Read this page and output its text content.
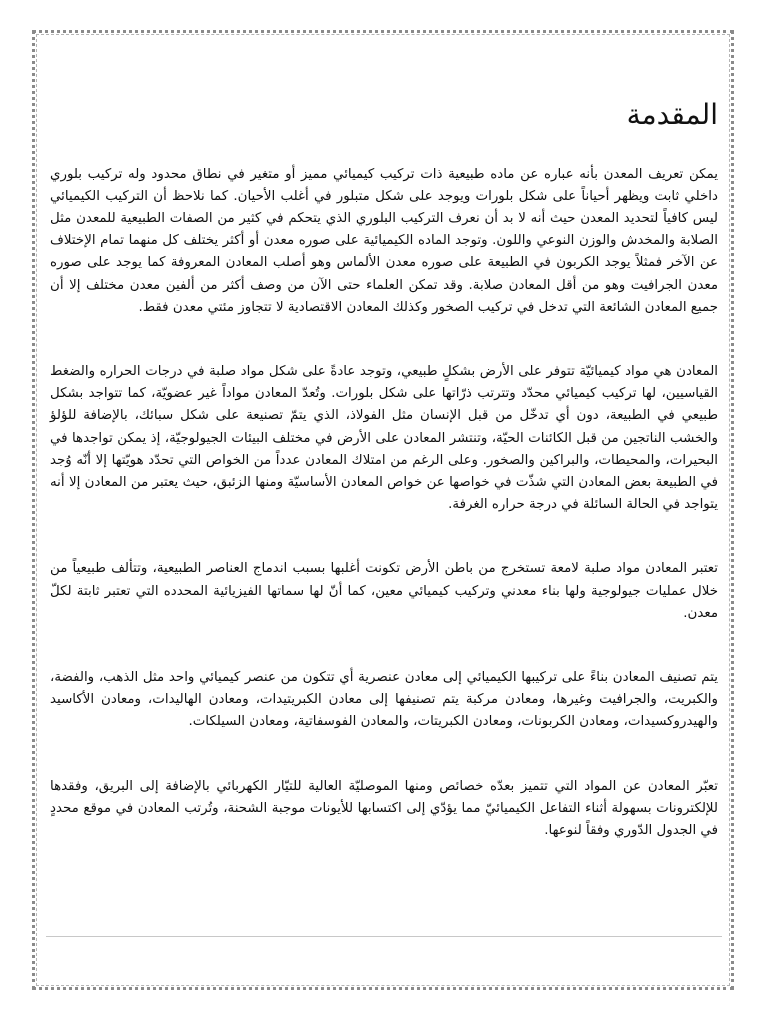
المقدمة

يمكن تعريف المعدن بأنه عباره عن ماده طبيعية ذات تركيب كيميائي مميز أو متغير في نطاق محدود وله تركيب بلوري داخلي ثابت ويظهر أحياناً على شكل بلورات ويوجد على شكل متبلور في أغلب الأحيان. كما نلاحظ أن التركيب الكيميائي ليس كافياً لتحديد المعدن حيث أنه لا بد أن نعرف التركيب البلوري الذي يتحكم في كثير من الصفات الطبيعية للمعدن مثل الصلابة والمخدش والوزن النوعي واللون. وتوجد الماده الكيميائية على صوره معدن أو أكثر يختلف كل منهما تمام الإختلاف عن الآخر فمثلاً يوجد الكربون في الطبيعة على صوره معدن الألماس وهو أصلب المعادن المعروفة كما يوجد على صوره معدن الجرافيت وهو من أقل المعادن صلابة. وقد تمكن العلماء حتى الآن من وصف أكثر من ألفين معدن مختلف إلا أن جميع المعادن الشائعة التي تدخل في تركيب الصخور وكذلك المعادن الاقتصادية لا تتجاوز مئتي معدن فقط.

المعادن هي مواد كيميائيّة تتوفر على الأرض بشكلٍ طبيعي، وتوجد عادةً على شكل مواد صلبة في درجات الحراره والضغط القياسيين، لها تركيب كيميائي محدّد وتترتب ذرّاتها على شكل بلورات. وتُعدّ المعادن مواداً غير عضويّة، كما تتواجد بشكل طبيعي في الطبيعة، دون أي تدخّل من قبل الإنسان مثل الفولاذ، الذي يتمّ تصنيعة على شكل سبائك، بالإضافة للؤلؤ والخشب الناتجين من قبل الكائنات الحيّة، وتنتشر المعادن على الأرض في مختلف البيئات الجيولوجيّة، إذ يمكن تواجدها في البحيرات، والمحيطات، والبراكين والصخور. وعلى الرغم من امتلاك المعادن عدداً من الخواص التي تحدّد هويّتها إلا أنّه وُجد في الطبيعة بعض المعادن التي شذّت في خواصها عن خواص المعادن الأساسيّة ومنها الزئبق، حيث يعتبر من المعادن إلا أنه يتواجد في الحالة السائلة في درجة حراره الغرفة.

تعتبر المعادن مواد صلبة لامعة تستخرج من باطن الأرض تكونت أغلبها بسبب اندماج العناصر الطبيعية، وتتألف طبيعياً من خلال عمليات جيولوجية ولها بناء معدني وتركيب كيميائي معين، كما أنّ لها سماتها الفيزيائية المحدده التي تعتبر ثابتة لكلّ معدن.

يتم تصنيف المعادن بناءً على تركيبها الكيميائي إلى معادن عنصرية أي تتكون من عنصر كيميائي واحد مثل الذهب، والفضة، والكبريت، والجرافيت وغيرها، ومعادن مركبة يتم تصنيفها إلى معادن الكبريتيدات، ومعادن الهاليدات، ومعادن الأكاسيد والهيدروكسيدات، ومعادن الكربونات، ومعادن الكبريتات، والمعادن الفوسفاتية، ومعادن السيلكات.

تعبّر المعادن عن المواد التي تتميز بعدّه خصائص ومنها الموصليّة العالية للتيّار الكهربائي بالإضافة إلى البريق، وفقدها للإلكترونات بسهولة أثناء التفاعل الكيميائيّ مما يؤدّي إلى اكتسابها للأيونات موجبة الشحنة، وتُرتب المعادن في موقع محددٍ في الجدول الدّوري وفقاً لنوعها.
